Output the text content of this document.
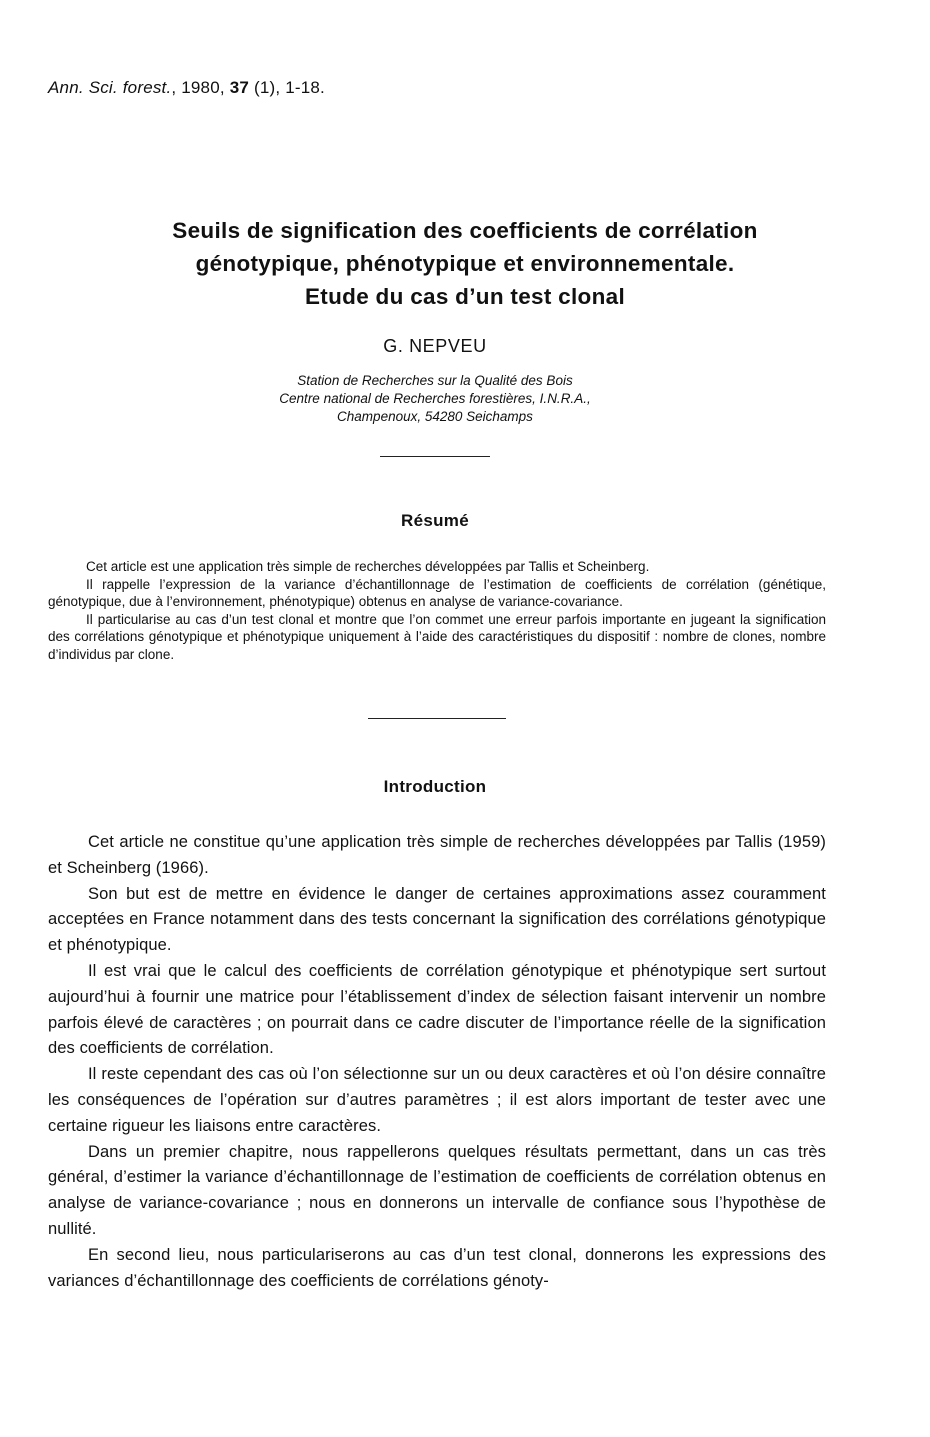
Ann. Sci. forest., 1980, 37 (1), 1-18.
Seuils de signification des coefficients de corrélation
génotypique, phénotypique et environnementale.
Etude du cas d’un test clonal
G. NEPVEU
Station de Recherches sur la Qualité des Bois
Centre national de Recherches forestières, I.N.R.A.,
Champenoux, 54280 Seichamps
Résumé

Cet article est une application très simple de recherches développées par Tallis et Scheinberg.

Il rappelle l’expression de la variance d’échantillonnage de l’estimation de coefficients de corrélation (génétique, génotypique, due à l’environnement, phénotypique) obtenus en analyse de variance-covariance.

Il particularise au cas d’un test clonal et montre que l’on commet une erreur parfois importante en jugeant la signification des corrélations génotypique et phénotypique uniquement à l’aide des caractéristiques du dispositif : nombre de clones, nombre d’individus par clone.

Introduction

Cet article ne constitue qu’une application très simple de recherches développées par Tallis (1959) et Scheinberg (1966).

Son but est de mettre en évidence le danger de certaines approximations assez couramment acceptées en France notamment dans des tests concernant la signification des corrélations génotypique et phénotypique.

Il est vrai que le calcul des coefficients de corrélation génotypique et phénotypique sert surtout aujourd’hui à fournir une matrice pour l’établissement d’index de sélection faisant intervenir un nombre parfois élevé de caractères ; on pourrait dans ce cadre discuter de l’importance réelle de la signification des coefficients de corrélation.

Il reste cependant des cas où l’on sélectionne sur un ou deux caractères et où l’on désire connaître les conséquences de l’opération sur d’autres paramètres ; il est alors important de tester avec une certaine rigueur les liaisons entre caractères.

Dans un premier chapitre, nous rappellerons quelques résultats permettant, dans un cas très général, d’estimer la variance d’échantillonnage de l’estimation de coefficients de corrélation obtenus en analyse de variance-covariance ; nous en donnerons un intervalle de confiance sous l’hypothèse de nullité.

En second lieu, nous particulariserons au cas d’un test clonal, donnerons les expressions des variances d’échantillonnage des coefficients de corrélations génoty-
